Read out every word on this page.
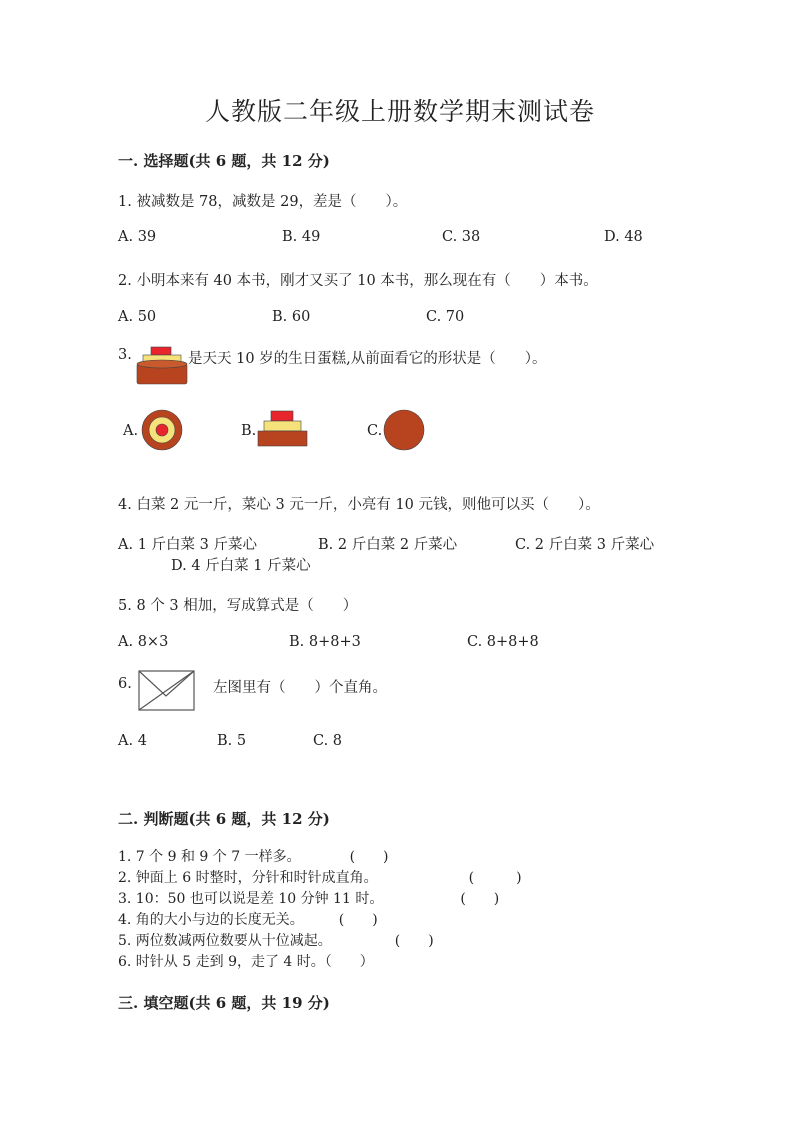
人教版二年级上册数学期末测试卷
一. 选择题(共 6 题，共 12 分)
1. 被减数是 78，减数是 29，差是（　　）。
A. 39	B. 49	C. 38	D. 48
2. 小明本来有 40 本书，刚才又买了 10 本书，那么现在有（　　）本书。
A. 50	B. 60	C. 70
3.	是天天 10 岁的生日蛋糕,从前面看它的形状是（　　）。
A.	B.	C.
4. 白菜 2 元一斤，菜心 3 元一斤，小亮有 10 元钱，则他可以买（　　）。
A. 1 斤白菜 3 斤菜心	B. 2 斤白菜 2 斤菜心	C. 2 斤白菜 3 斤菜心
D. 4 斤白菜 1 斤菜心
5. 8 个 3 相加，写成算式是（　　）
A. 8×3	B. 8+8+3	C. 8+8+8
6.	左图里有（　　）个直角。
A. 4	B. 5	C. 8
二. 判断题(共 6 题，共 12 分)
1. 7 个 9 和 9 个 7 一样多。　　　　(　　)
2. 钟面上 6 时整时，分针和时针成直角。　　　　　　　(　　　)
3. 10：50 也可以说是差 10 分钟 11 时。　　　　　　(　　)
4. 角的大小与边的长度无关。　　　(　　)
5. 两位数减两位数要从十位减起。　　　　　(　　)
6. 时针从 5 走到 9，走了 4 时。（　　）
三. 填空题(共 6 题，共 19 分)
